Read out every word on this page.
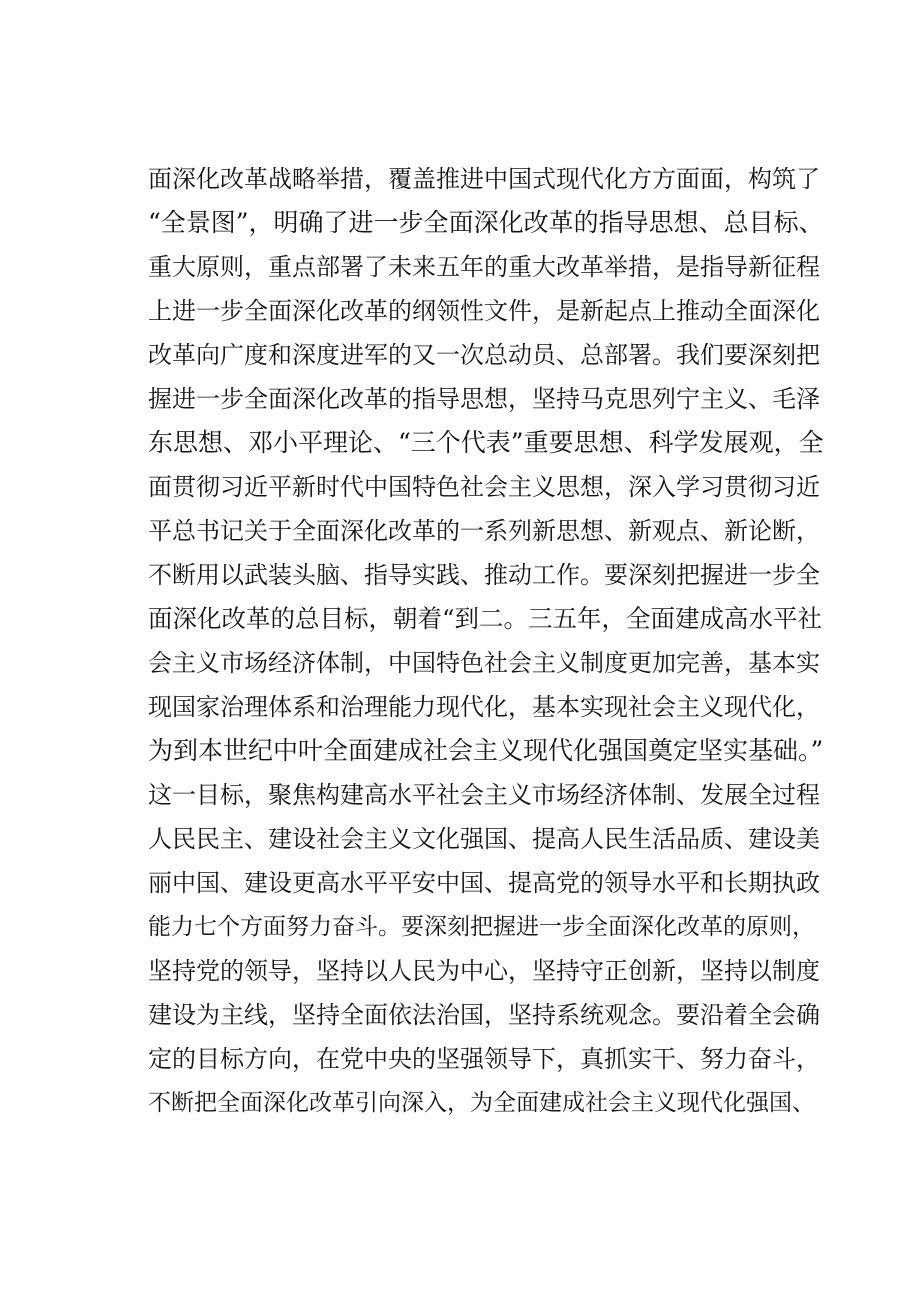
面深化改革战略举措，覆盖推进中国式现代化方方面面，构筑了
“全景图”，明确了进一步全面深化改革的指导思想、总目标、
重大原则，重点部署了未来五年的重大改革举措，是指导新征程
上进一步全面深化改革的纲领性文件，是新起点上推动全面深化
改革向广度和深度进军的又一次总动员、总部署。我们要深刻把
握进一步全面深化改革的指导思想，坚持马克思列宁主义、毛泽
东思想、邓小平理论、“三个代表”重要思想、科学发展观，全
面贯彻习近平新时代中国特色社会主义思想，深入学习贯彻习近
平总书记关于全面深化改革的一系列新思想、新观点、新论断，
不断用以武装头脑、指导实践、推动工作。要深刻把握进一步全
面深化改革的总目标，朝着“到二。三五年，全面建成高水平社
会主义市场经济体制，中国特色社会主义制度更加完善，基本实
现国家治理体系和治理能力现代化，基本实现社会主义现代化，
为到本世纪中叶全面建成社会主义现代化强国奠定坚实基础。”
这一目标，聚焦构建高水平社会主义市场经济体制、发展全过程
人民民主、建设社会主义文化强国、提高人民生活品质、建设美
丽中国、建设更高水平平安中国、提高党的领导水平和长期执政
能力七个方面努力奋斗。要深刻把握进一步全面深化改革的原则，
坚持党的领导，坚持以人民为中心，坚持守正创新，坚持以制度
建设为主线，坚持全面依法治国，坚持系统观念。要沿着全会确
定的目标方向，在党中央的坚强领导下，真抓实干、努力奋斗，
不断把全面深化改革引向深入，为全面建成社会主义现代化强国、
